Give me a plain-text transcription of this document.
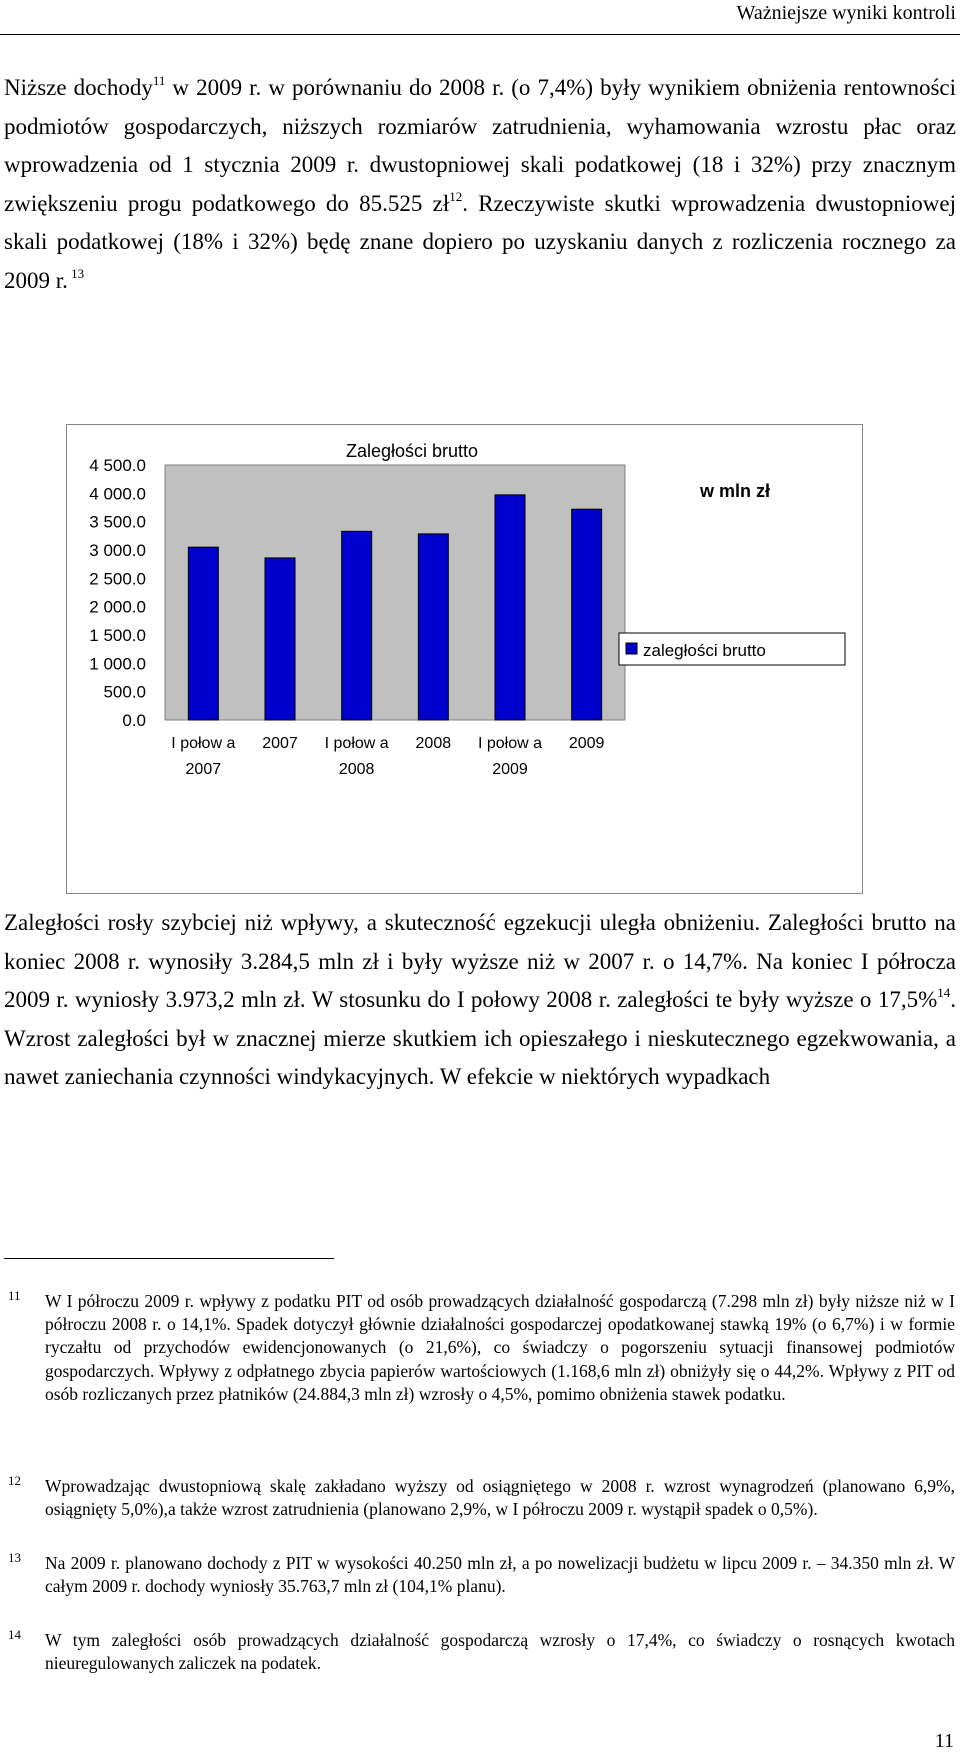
Ważniejsze wyniki kontroli

Niższe dochody$^{11}$ w 2009 r. w porównaniu do 2008 r. (o 7,4%) były wynikiem obniżenia rentowności podmiotów gospodarczych, niższych rozmiarów zatrudnienia, wyhamowania wzrostu płac oraz wprowadzenia od 1 stycznia 2009 r. dwustopniowej skali podatkowej (18 i 32%) przy znacznym zwiększeniu progu podatkowego do 85.525 $zł^{12}$. Rzeczywiste skutki wprowadzenia dwustopniowej skali podatkowej (18% i 32%) będę znane dopiero po uzyskaniu danych z rozliczenia rocznego za 2009 r. $^{13}$

Zaległości brutto
w mln zł
4 500.0
4 000.0
3 500.0
3 000.0
2 500.0
2 000.0
1 500.0
1 000.0
500.0
0.0
I połow a
2007
2007 I połow a
2008
2008 I połow a
2009
2009
zaległości brutto

Zaległości rosły szybciej niż wpływy, a skuteczność egzekucji uległa obniżeniu. Zaległości brutto na koniec 2008 r. wynosiły 3.284,5 mln zł i były wyższe niż w 2007 r. o 14,7%. Na koniec I półrocza 2009 r. wyniosły 3.973,2 mln zł. W stosunku do I połowy 2008 r. zaległości te były wyższe o 17,5%$^{14}$. Wzrost zaległości był w znacznej mierze skutkiem ich opieszałego i nieskutecznego egzekwowania, a nawet zaniechania czynności windykacyjnych. W efekcie w niektórych wypadkach

11 W I półroczu 2009 r. wpływy z podatku PIT od osób prowadzących działalność gospodarczą (7.298 mln zł) były niższe niż w I półroczu 2008 r. o 14,1%. Spadek dotyczył głównie działalności gospodarczej opodatkowanej stawką 19% (o 6,7%) i w formie ryczałtu od przychodów ewidencjonowanych (o 21,6%), co świadczy o pogorszeniu sytuacji finansowej podmiotów gospodarczych. Wpływy z odpłatnego zbycia papierów wartościowych (1.168,6 mln zł) obniżyły się o 44,2%. Wpływy z PIT od osób rozliczanych przez płatników (24.884,3 mln zł) wzrosły o 4,5%, pomimo obniżenia stawek podatku.
12 Wprowadzając dwustopniową skalę zakładano wyższy od osiągniętego w 2008 r. wzrost wynagrodzeń (planowano 6,9%, osiągnięty 5,0%),a także wzrost zatrudnienia (planowano 2,9%, w I półroczu 2009 r. wystąpił spadek o 0,5%).
13 Na 2009 r. planowano dochody z PIT w wysokości 40.250 mln zł, a po nowelizacji budżetu w lipcu 2009 r. – 34.350 mln zł. W całym 2009 r. dochody wyniosły 35.763,7 mln zł (104,1% planu).
14 W tym zaległości osób prowadzących działalność gospodarczą wzrosły o 17,4%, co świadczy o rosnących kwotach nieuregulowanych zaliczek na podatek.
11
